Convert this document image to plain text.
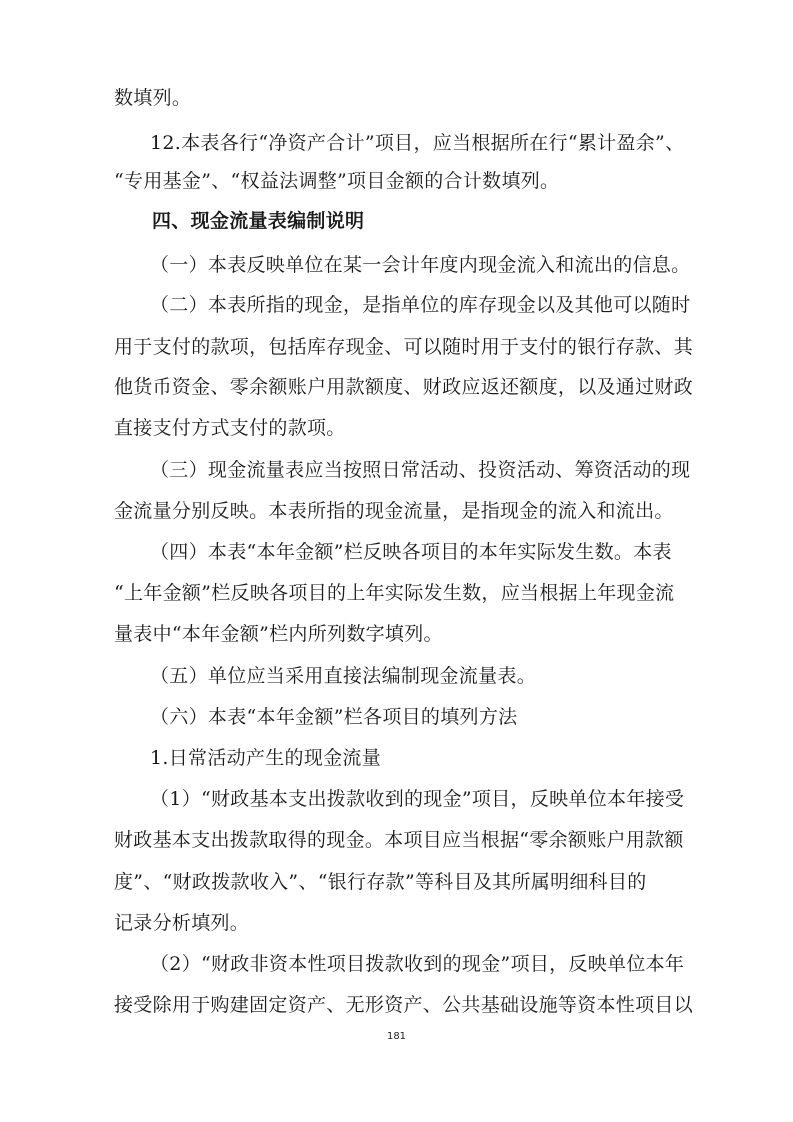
数填列。
12.本表各行“净资产合计”项目，应当根据所在行“累计盈余”、
“专用基金”、“权益法调整”项目金额的合计数填列。
四、现金流量表编制说明
（一）本表反映单位在某一会计年度内现金流入和流出的信息。
（二）本表所指的现金，是指单位的库存现金以及其他可以随时
用于支付的款项，包括库存现金、可以随时用于支付的银行存款、其
他货币资金、零余额账户用款额度、财政应返还额度，以及通过财政
直接支付方式支付的款项。
（三）现金流量表应当按照日常活动、投资活动、筹资活动的现
金流量分别反映。本表所指的现金流量，是指现金的流入和流出。
（四）本表“本年金额”栏反映各项目的本年实际发生数。本表
“上年金额”栏反映各项目的上年实际发生数，应当根据上年现金流
量表中“本年金额”栏内所列数字填列。
（五）单位应当采用直接法编制现金流量表。
（六）本表“本年金额”栏各项目的填列方法
1.日常活动产生的现金流量
（1）“财政基本支出拨款收到的现金”项目，反映单位本年接受
财政基本支出拨款取得的现金。本项目应当根据“零余额账户用款额
度”、“财政拨款收入”、“银行存款”等科目及其所属明细科目的
记录分析填列。
（2）“财政非资本性项目拨款收到的现金”项目，反映单位本年
接受除用于购建固定资产、无形资产、公共基础设施等资本性项目以
181
